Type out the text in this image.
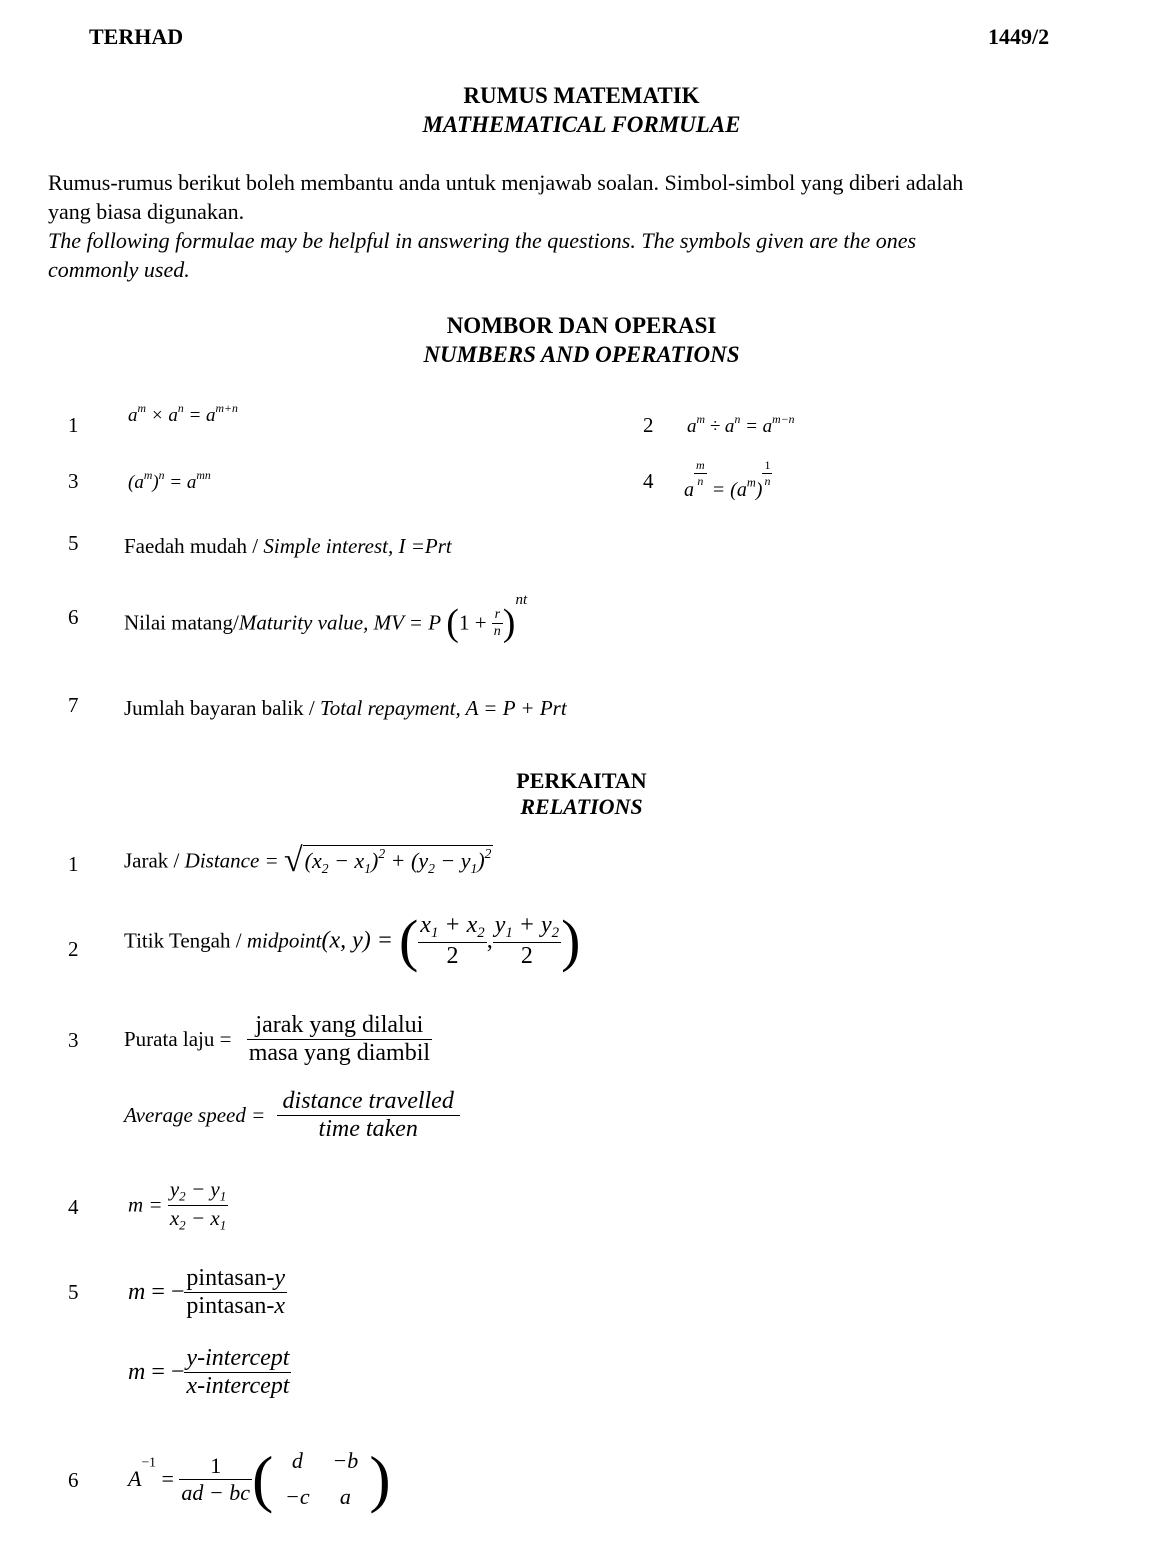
TERHAD	1449/2
RUMUS MATEMATIK
MATHEMATICAL FORMULAE
Rumus-rumus berikut boleh membantu anda untuk menjawab soalan. Simbol-simbol yang diberi adalah
yang biasa digunakan.
The following formulae may be helpful in answering the questions. The symbols given are the ones
commonly used.
NOMBOR DAN OPERASI
NUMBERS AND OPERATIONS
1	$a^m \times a^n = a^{m+n}$
2 $a^m \div a^n = a^{m-n}$
3	$(a^m)^n = a^{mn}$	4 a
$\frac{m}{n}$
= $(a^m)$
$\frac{1}{n}$
5 Faedah mudah / Simple interest, I =Prt
6 Nilai matang/Maturity value, MV = P $(1 + \frac{r}{n} )^{nt}$
7 Jumlah bayaran balik / Total repayment, A = P + Prt
PERKAITAN
RELATIONS
1 Jarak / Distance = $√(x_2 - x_1)^2 + (y_2 - y_1)^2$
2 Titik Tengah / midpoint(x, y) = ( $\frac{x_1 + x_2}{2}$ , $\frac{y_1 + y_2}{2}$ )
3 Purata laju = $\frac{\text{jarak yang dilalui}}{\text{masa yang diambil}}$
Average speed = $\frac{\text{distance travelled}}{\text{time taken}}$
4 $m = \frac{y_2 - y_1}{x_2 - x_1}$
5 m = − $\frac{\text{pintasan-y}}{\text{pintasan-x}}$
m = − $\frac{\text{y-intercept}}{\text{x-intercept}}$
6 $A^{-1} = \frac{1}{ad - bc}$ ( d	−b
−c	a )
